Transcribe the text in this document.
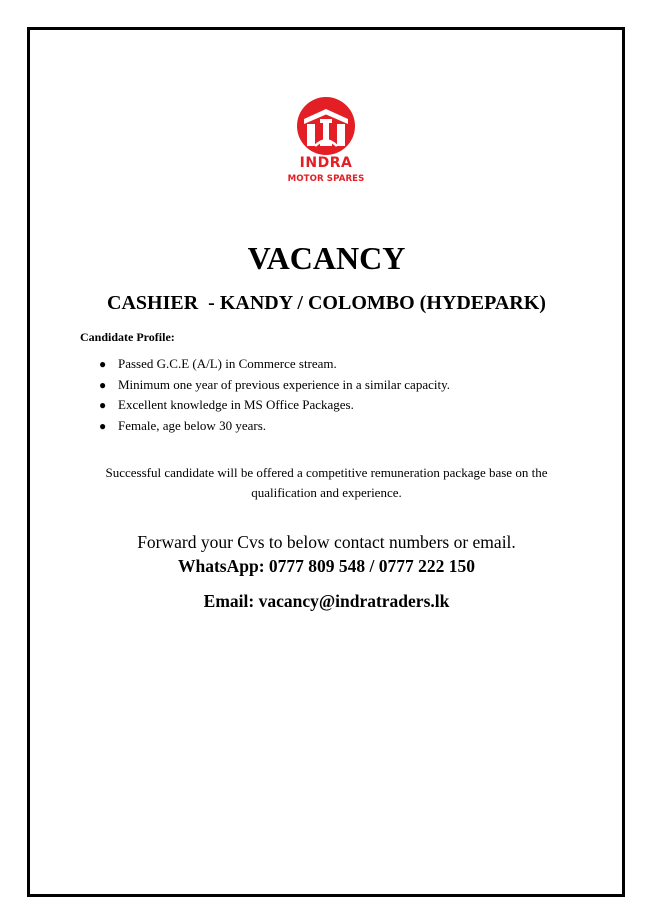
INDRA
MOTOR SPARES
VACANCY
CASHIER  - KANDY / COLOMBO (HYDEPARK)
Candidate Profile:
● Passed G.C.E (A/L) in Commerce stream.
● Minimum one year of previous experience in a similar capacity.
● Excellent knowledge in MS Office Packages.
● Female, age below 30 years.
Successful candidate will be offered a competitive remuneration package base on the qualification and experience.
Forward your Cvs to below contact numbers or email.
WhatsApp: 0777 809 548 / 0777 222 150
Email: vacancy@indratraders.lk
